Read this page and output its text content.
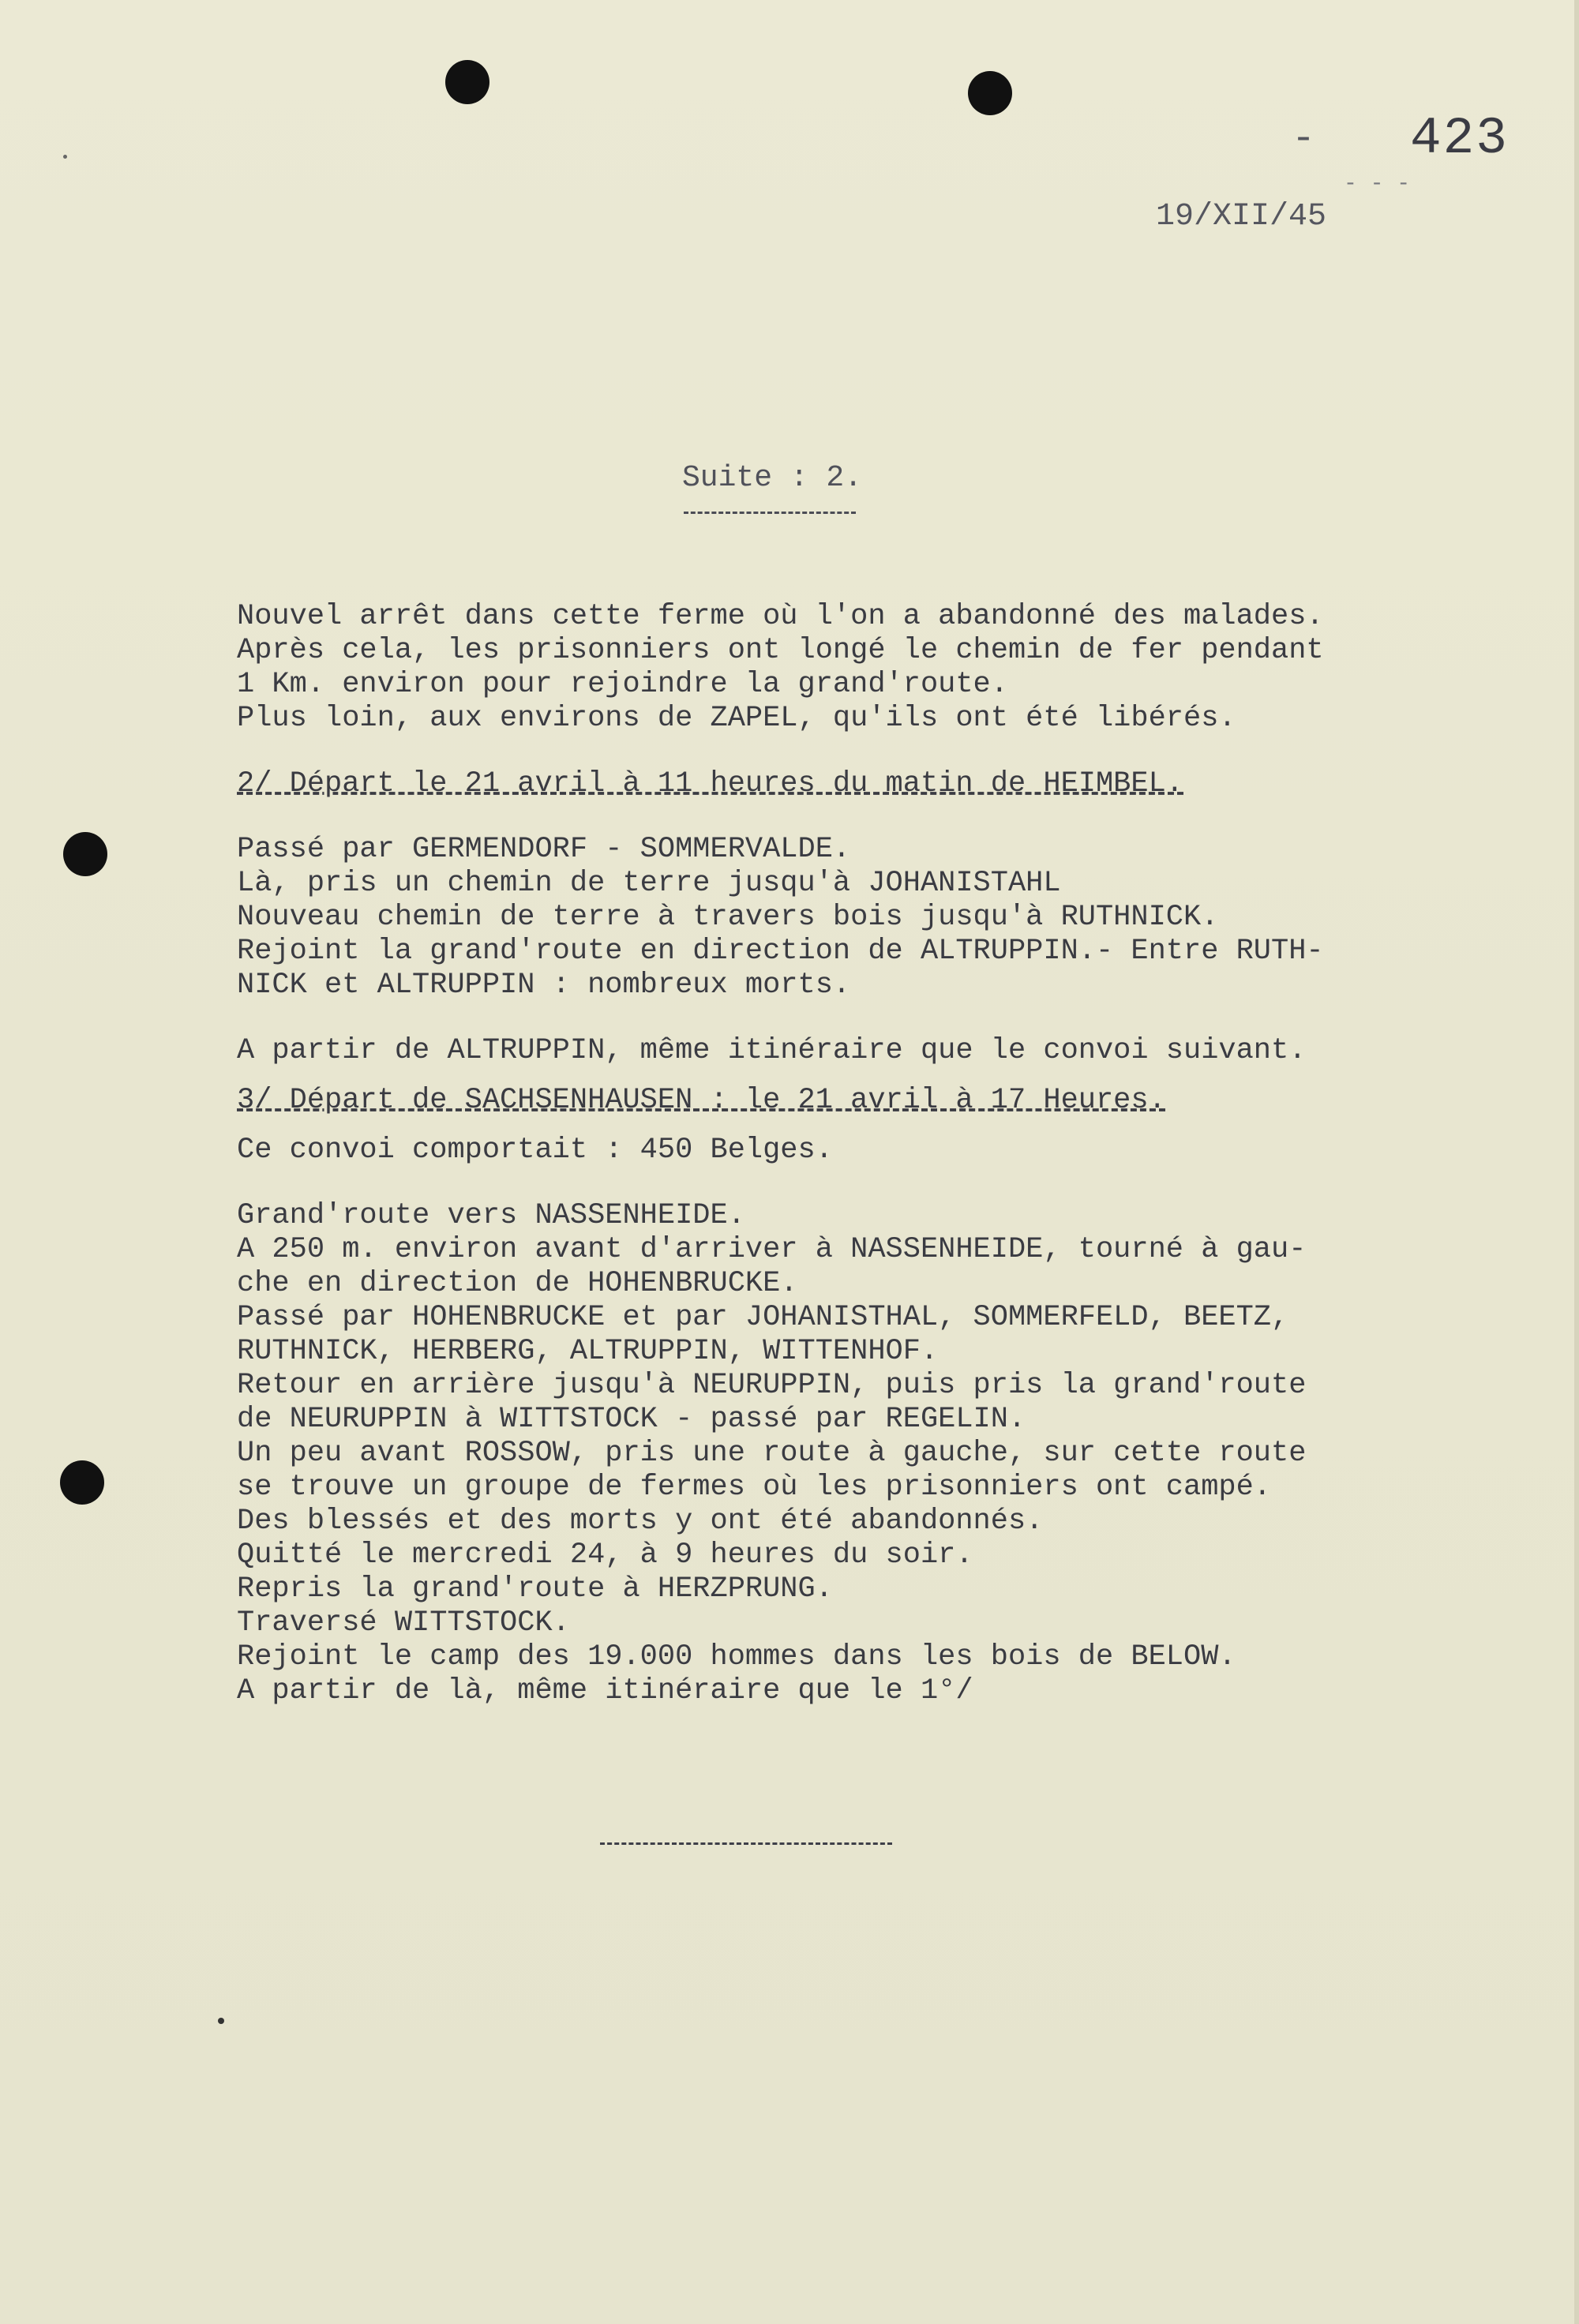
- 423
- - -
19/XII/45
Suite : 2.
Nouvel arrêt dans cette ferme où l'on a abandonné des malades.
Après cela, les prisonniers ont longé le chemin de fer pendant
1 Km. environ pour rejoindre la grand'route.
Plus loin, aux environs de ZAPEL, qu'ils ont été libérés.
2/ Départ le 21 avril à 11 heures du matin de HEIMBEL.
Passé par GERMENDORF - SOMMERVALDE.
Là, pris un chemin de terre jusqu'à JOHANISTAHL
Nouveau chemin de terre à travers bois jusqu'à RUTHNICK.
Rejoint la grand'route en direction de ALTRUPPIN.- Entre RUTH-
NICK et ALTRUPPIN : nombreux morts.
A partir de ALTRUPPIN, même itinéraire que le convoi suivant.
3/ Départ de SACHSENHAUSEN : le 21 avril à 17 Heures.
Ce convoi comportait : 450 Belges.
Grand'route vers NASSENHEIDE.
A 250 m. environ avant d'arriver à NASSENHEIDE, tourné à gau-
che en direction de HOHENBRUCKE.
Passé par HOHENBRUCKE et par JOHANISTHAL, SOMMERFELD, BEETZ,
RUTHNICK, HERBERG, ALTRUPPIN, WITTENHOF.
Retour en arrière jusqu'à NEURUPPIN, puis pris la grand'route
de NEURUPPIN à WITTSTOCK - passé par REGELIN.
Un peu avant ROSSOW, pris une route à gauche, sur cette route
se trouve un groupe de fermes où les prisonniers ont campé.
Des blessés et des morts y ont été abandonnés.
Quitté le mercredi 24, à 9 heures du soir.
Repris la grand'route à HERZPRUNG.
Traversé WITTSTOCK.
Rejoint le camp des 19.000 hommes dans les bois de BELOW.
A partir de là, même itinéraire que le 1°/
